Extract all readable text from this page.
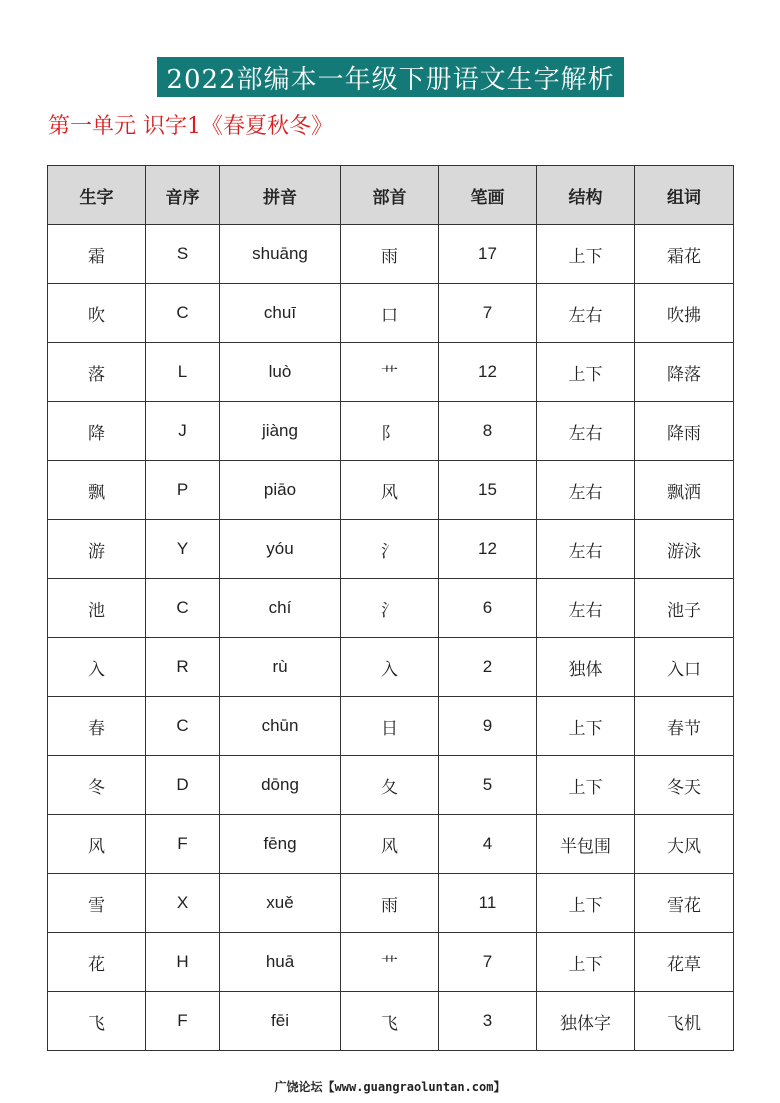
2022部编本一年级下册语文生字解析
第一单元 识字1《春夏秋冬》
生字	音序	拼音	部首	笔画	结构	组词
霜	S	shuāng	雨	17	上下	霜花
吹	C	chuī	口	7	左右	吹拂
落	L	luò	艹	12	上下	降落
降	J	jiàng	阝	8	左右	降雨
飘	P	piāo	风	15	左右	飘洒
游	Y	yóu	氵	12	左右	游泳
池	C	chí	氵	6	左右	池子
入	R	rù	入	2	独体	入口
春	C	chūn	日	9	上下	春节
冬	D	dōng	夂	5	上下	冬天
风	F	fēng	风	4	半包围	大风
雪	X	xuě	雨	11	上下	雪花
花	H	huā	艹	7	上下	花草
飞	F	fēi	飞	3	独体字	飞机
广饶论坛【www.guangraoluntan.com】
